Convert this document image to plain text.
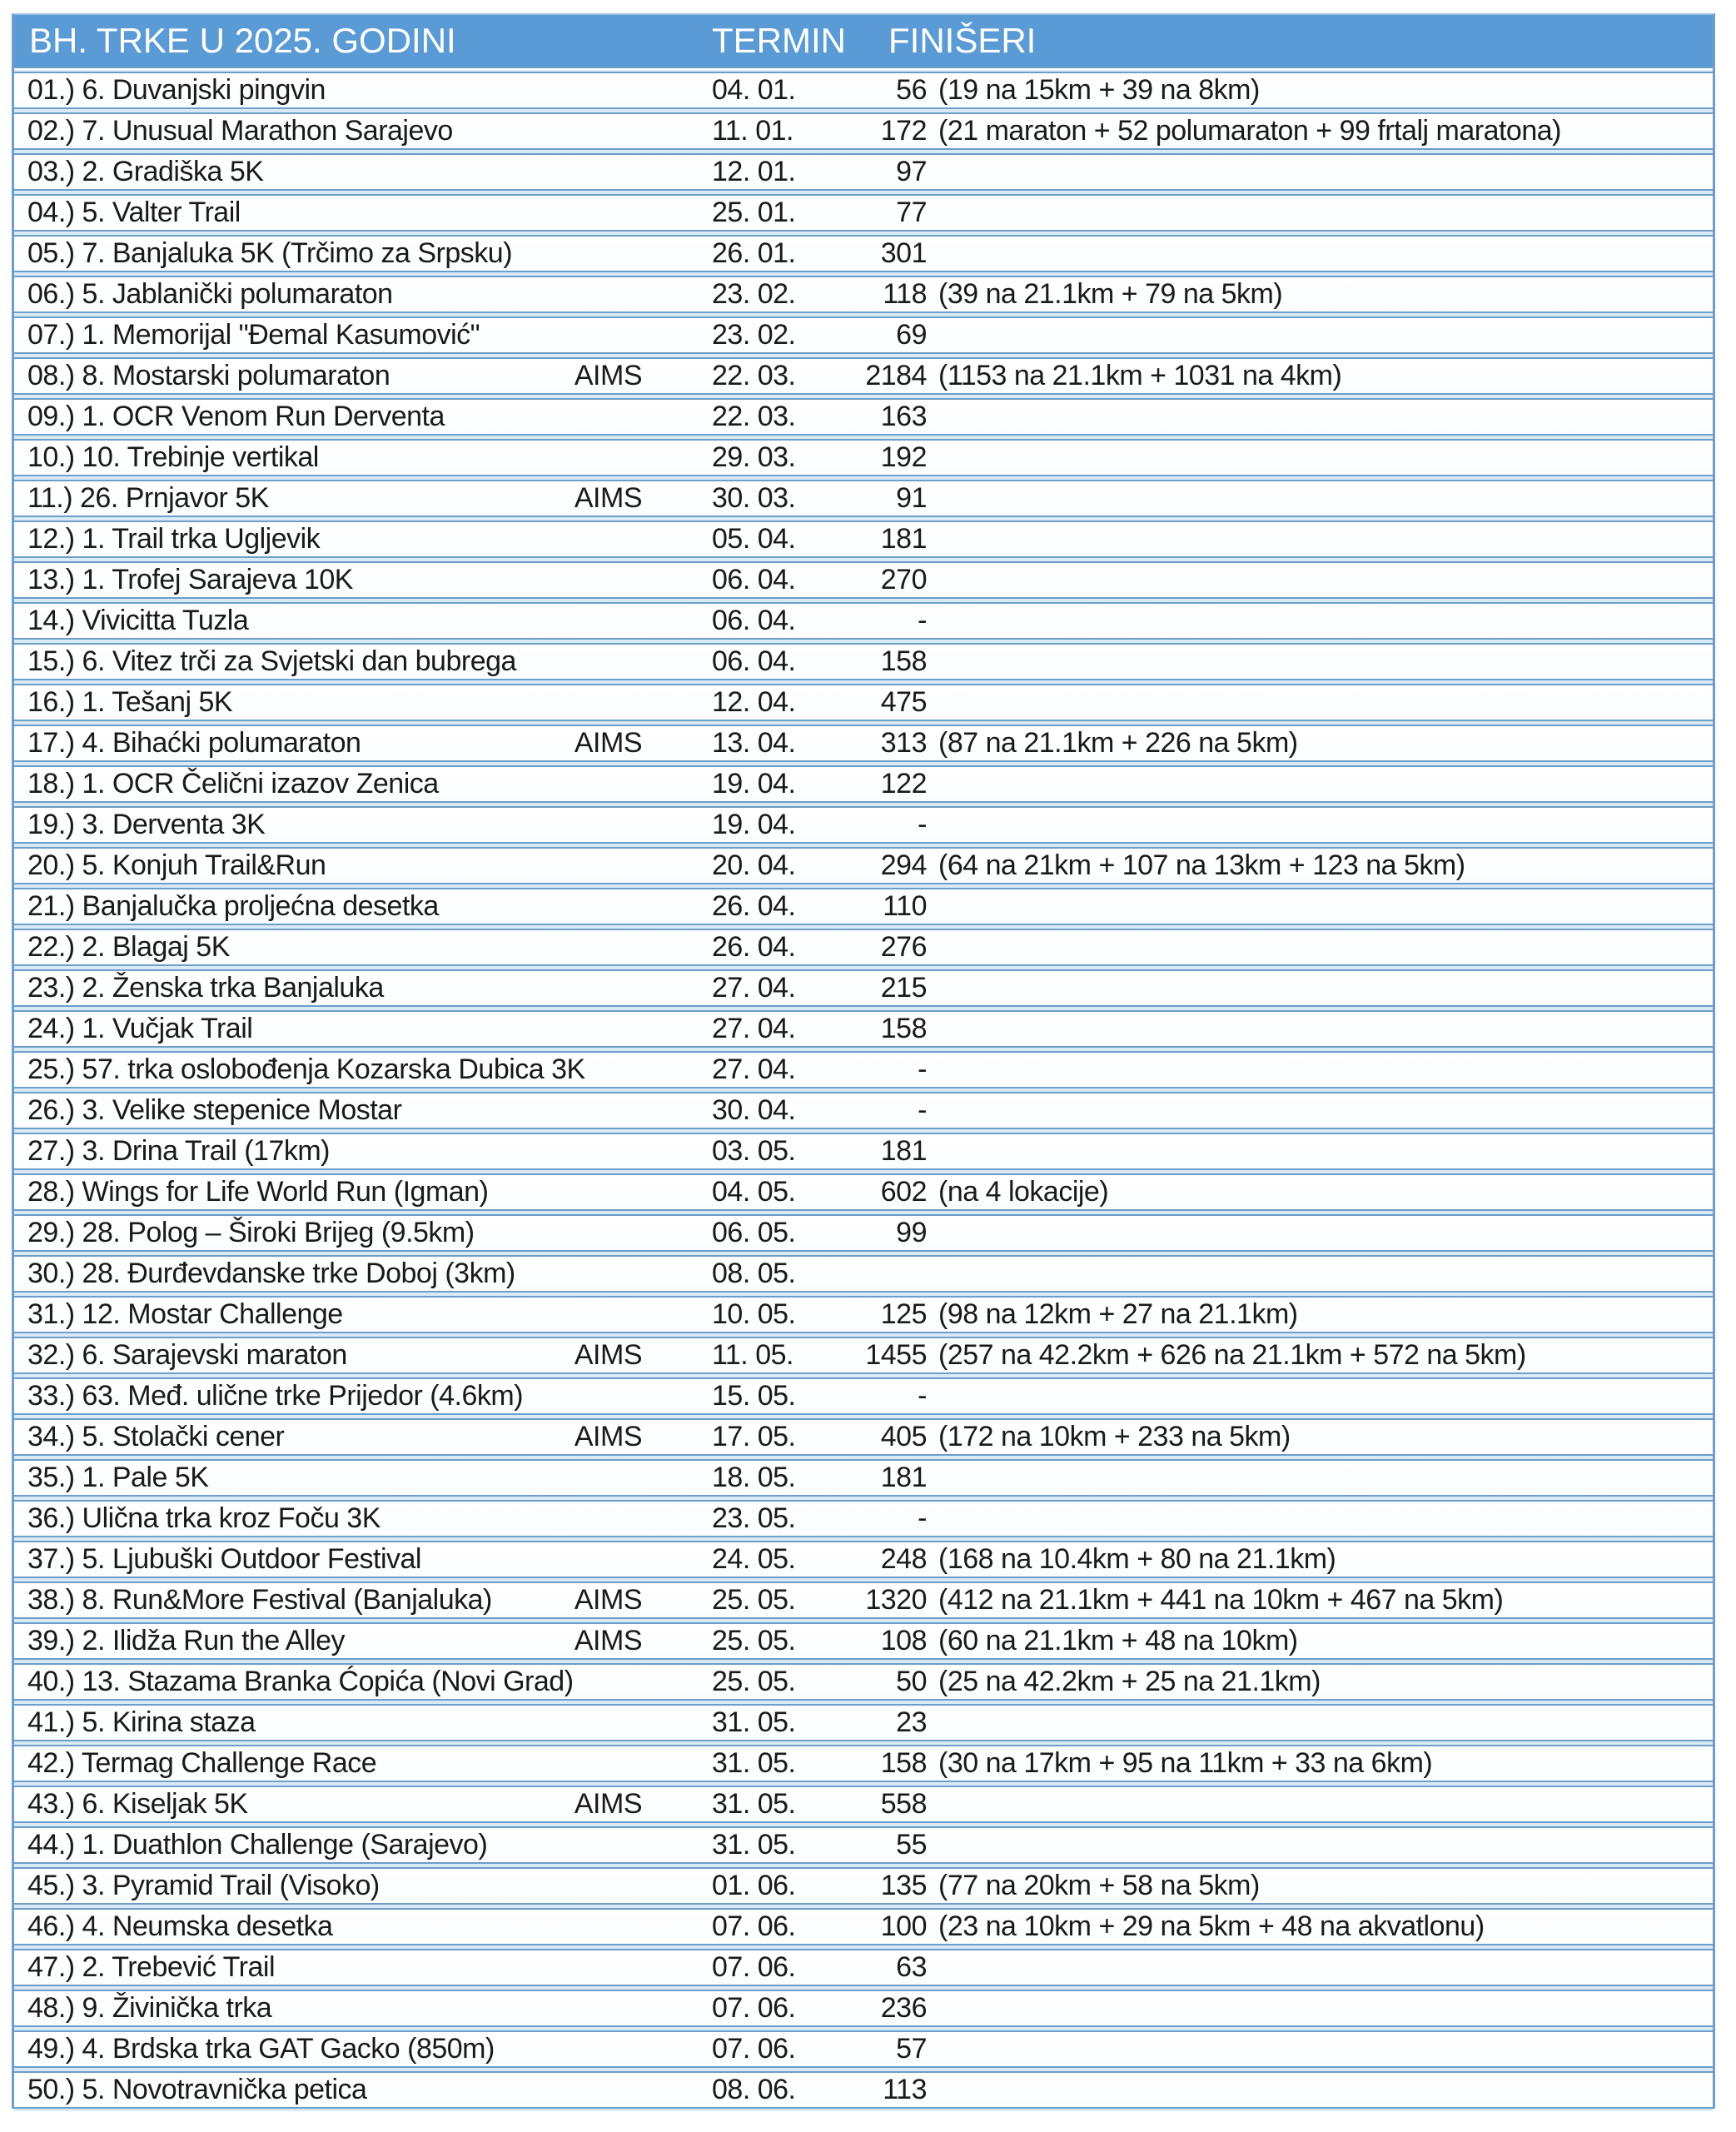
BH. TRKE U 2025. GODINI	TERMIN	FINIŠERI
01.) 6. Duvanjski pingvin	04. 01.	56 (19 na 15km + 39 na 8km)
02.) 7. Unusual Marathon Sarajevo	11. 01.	172 (21 maraton + 52 polumaraton + 99 frtalj maratona)
03.) 2. Gradiška 5K	12. 01.	97
04.) 5. Valter Trail	25. 01.	77
05.) 7. Banjaluka 5K (Trčimo za Srpsku)	26. 01.	301
06.) 5. Jablanički polumaraton	23. 02.	118 (39 na 21.1km + 79 na 5km)
07.) 1. Memorijal "Đemal Kasumović"	23. 02.	69
08.) 8. Mostarski polumaraton	AIMS	22. 03.	2184 (1153 na 21.1km + 1031 na 4km)
09.) 1. OCR Venom Run Derventa	22. 03.	163
10.) 10. Trebinje vertikal	29. 03.	192
11.) 26. Prnjavor 5K	AIMS	30. 03.	91
12.) 1. Trail trka Ugljevik	05. 04.	181
13.) 1. Trofej Sarajeva 10K	06. 04.	270
14.) Vivicitta Tuzla	06. 04.	-
15.) 6. Vitez trči za Svjetski dan bubrega	06. 04.	158
16.) 1. Tešanj 5K	12. 04.	475
17.) 4. Bihaćki polumaraton	AIMS	13. 04.	313 (87 na 21.1km + 226 na 5km)
18.) 1. OCR Čelični izazov Zenica	19. 04.	122
19.) 3. Derventa 3K	19. 04.	-
20.) 5. Konjuh Trail&Run	20. 04.	294 (64 na 21km + 107 na 13km + 123 na 5km)
21.) Banjalučka proljećna desetka	26. 04.	110
22.) 2. Blagaj 5K	26. 04.	276
23.) 2. Ženska trka Banjaluka	27. 04.	215
24.) 1. Vučjak Trail	27. 04.	158
25.) 57. trka oslobođenja Kozarska Dubica 3K	27. 04.	-
26.) 3. Velike stepenice Mostar	30. 04.	-
27.) 3. Drina Trail (17km)	03. 05.	181
28.) Wings for Life World Run (Igman)	04. 05.	602 (na 4 lokacije)
29.) 28. Polog – Široki Brijeg (9.5km)	06. 05.	99
30.) 28. Đurđevdanske trke Doboj (3km)	08. 05.
31.) 12. Mostar Challenge	10. 05.	125 (98 na 12km + 27 na 21.1km)
32.) 6. Sarajevski maraton	AIMS	11. 05.	1455 (257 na 42.2km + 626 na 21.1km + 572 na 5km)
33.) 63. Međ. ulične trke Prijedor (4.6km)	15. 05.	-
34.) 5. Stolački cener	AIMS	17. 05.	405 (172 na 10km + 233 na 5km)
35.) 1. Pale 5K	18. 05.	181
36.) Ulična trka kroz Foču 3K	23. 05.	-
37.) 5. Ljubuški Outdoor Festival	24. 05.	248 (168 na 10.4km + 80 na 21.1km)
38.) 8. Run&More Festival (Banjaluka)	AIMS	25. 05.	1320 (412 na 21.1km + 441 na 10km + 467 na 5km)
39.) 2. Ilidža Run the Alley	AIMS	25. 05.	108 (60 na 21.1km + 48 na 10km)
40.) 13. Stazama Branka Ćopića (Novi Grad)	25. 05.	50 (25 na 42.2km + 25 na 21.1km)
41.) 5. Kirina staza	31. 05.	23
42.) Termag Challenge Race	31. 05.	158 (30 na 17km + 95 na 11km + 33 na 6km)
43.) 6. Kiseljak 5K	AIMS	31. 05.	558
44.) 1. Duathlon Challenge (Sarajevo)	31. 05.	55
45.) 3. Pyramid Trail (Visoko)	01. 06.	135 (77 na 20km + 58 na 5km)
46.) 4. Neumska desetka	07. 06.	100 (23 na 10km + 29 na 5km + 48 na akvatlonu)
47.) 2. Trebević Trail	07. 06.	63
48.) 9. Živinička trka	07. 06.	236
49.) 4. Brdska trka GAT Gacko (850m)	07. 06.	57
50.) 5. Novotravnička petica	08. 06.	113
